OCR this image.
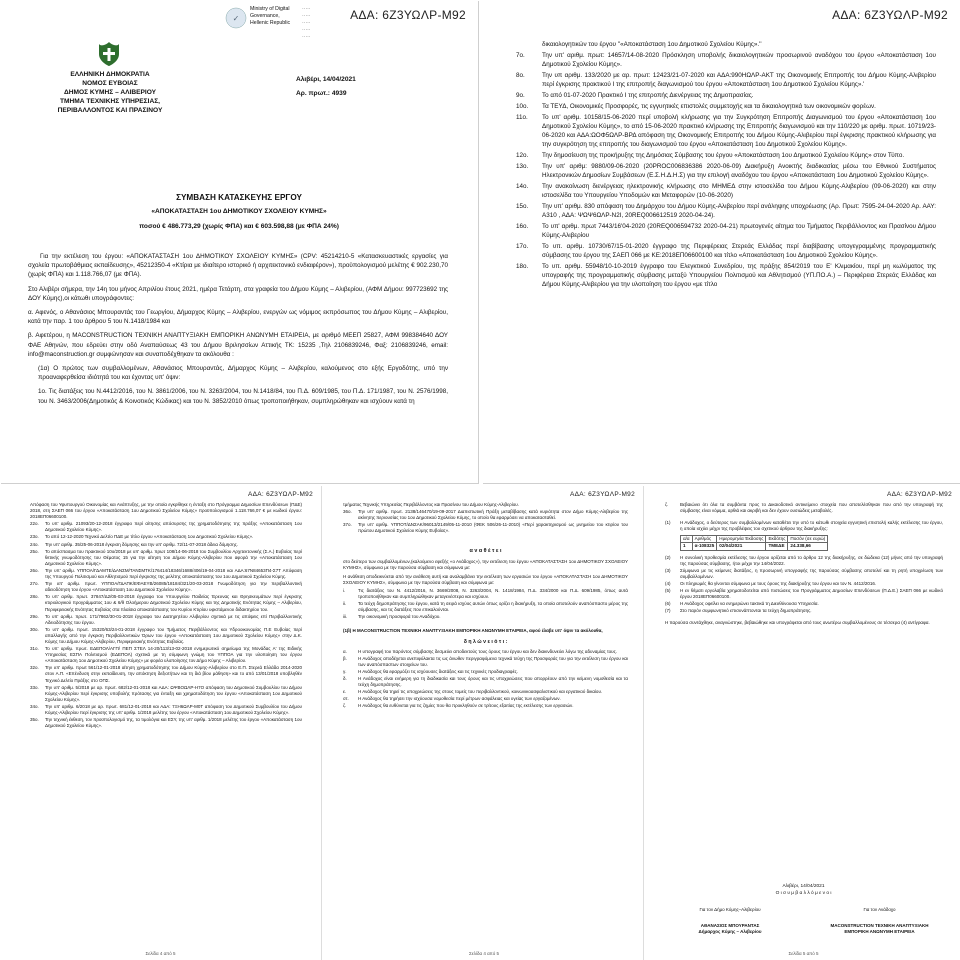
✓
Ministry of Digital
Governance,
Hellenic Republic
·····
·····
·····
·····
·····
ΑΔΑ: 6Ζ3ΥΩΛΡ-Μ92
ΕΛΛΗΝΙΚΗ ΔΗΜΟΚΡΑΤΙΑ
ΝΟΜΟΣ ΕΥΒΟΙΑΣ
ΔΗΜΟΣ ΚΥΜΗΣ – ΑΛΙΒΕΡΙΟΥ
ΤΜΗΜΑ ΤΕΧΝΙΚΗΣ ΥΠΗΡΕΣΙΑΣ,
ΠΕΡΙΒΑΛΛΟΝΤΟΣ ΚΑΙ ΠΡΑΣΙΝΟΥ
Αλιβέρι, 14/04/2021
Αρ. πρωτ.: 4939
ΣΥΜΒΑΣΗ ΚΑΤΑΣΚΕΥΗΣ ΕΡΓΟΥ
«ΑΠΟΚΑΤΑΣΤΑΣΗ 1ου ΔΗΜΟΤΙΚΟΥ ΣΧΟΛΕΙΟΥ ΚΥΜΗΣ»
ποσού € 486.773,29 (χωρίς ΦΠΑ) και € 603.598,88 (με ΦΠΑ 24%)

Για την εκτέλεση του έργου: «ΑΠΟΚΑΤΑΣΤΑΣΗ 1ου ΔΗΜΟΤΙΚΟΥ ΣΧΟΛΕΙΟΥ ΚΥΜΗΣ» (CPV: 45214210-5 «Κατασκευαστικές εργασίες για σχολεία πρωτοβάθμιας εκπαίδευσης», 45212350-4 «Κτίρια με ιδιαίτερο ιστορικό ή αρχιτεκτονικό ενδιαφέρον»), προϋπολογισμού μελέτης € 902.230,70 (χωρίς ΦΠΑ) και 1.118.766,07 (με ΦΠΑ).

Στο Αλιβέρι σήμερα, την 14η του μήνος Απριλίου έτους 2021, ημέρα Τετάρτη, στα γραφεία του Δήμου Κύμης – Αλιβερίου, (ΑΦΜ Δήμου: 997723692 της ΔΟΥ Κύμης),οι κάτωθι υπογράφοντες:

α. Αφενός, ο Αθανάσιος Μπουραντάς του Γεωργίου, Δήμαρχος Κύμης – Αλιβερίου, ενεργών ως νόμιμος εκπρόσωπος του Δήμου Κύμης – Αλιβερίου, κατά την παρ. 1 του άρθρου 5 του Ν.1418/1984 και

β. Αφετέρου, η MACONSTRUCTION ΤΕΧΝΙΚΗ ΑΝΑΠΤΥΞΙΑΚΗ ΕΜΠΟΡΙΚΗ ΑΝΩΝΥΜΗ ΕΤΑΙΡΕΙΑ, με αριθμό ΜΕΕΠ 25827, ΑΦΜ 998384640 ΔΟΥ ΦΑΕ Αθηνών, που εδρεύει στην οδό Αναπαύσεως 43 του Δήμου Βριλησσίων Αττικής ΤΚ: 15235 ,Τηλ 2106839246, Φαξ: 2106839246, email: info@maconstruction.gr συμφώνησαν και συναποδέχθηκαν τα ακόλουθα :

(1α) Ο πρώτος των συμβαλλομένων, Αθανάσιος Μπουραντάς, Δήμαρχος Κύμης – Αλιβερίου, καλούμενος στο εξής Εργοδότης, υπό την προαναφερθείσα ιδιότητά του και έχοντας υπ' όψιν:

1ο. Τις διατάξεις του Ν.4412/2016, του Ν. 3861/2006, του Ν. 3263/2004, του Ν.1418/84, του Π.Δ. 609/1985, του Π.Δ. 171/1987, του Ν. 2576/1998, του Ν. 3463/2006(Δημοτικός & Κοινοτικός Κώδικας) και του Ν. 3852/2010 όπως τροποποιήθηκαν, συμπληρώθηκαν και ισχύουν κατά τη

ΑΔΑ: 6Ζ3ΥΩΛΡ-Μ92
δικαιολογητικών του έργου ''«Αποκατάσταση 1ου Δημοτικού Σχολείου Κύμης».''
7ο.	Την υπ' αριθμ. πρωτ: 14657/14-08-2020 Πρόσκληση υποβολής δικαιολογητικών προσωρινού αναδόχου του έργου «Αποκατάσταση 1ου Δημοτικού Σχολείου Κύμης».
8ο.	Την υπ αριθμ. 133/2020 με αρ. πρωτ: 12423/21-07-2020 και ΑΔΑ:990ΗΩΛΡ-ΑΚΤ της Οικονομικής Επιτροπής του Δήμου Κύμης-Αλιβερίου περί έγκρισης πρακτικού Ι της επιτροπής διαγωνισμού του έργου «Αποκατάσταση 1ου Δημοτικού Σχολείου Κύμης».'
9ο.	Το από 01-07-2020 Πρακτικό Ι της επιτροπής Διενέργειας της Δημοπρασίας.
10ο.	Τα ΤΕΥΔ, Οικονομικές Προσφορές, τις εγγυητικές επιστολές συμμετοχής και τα δικαιολογητικά των οικονομικών φορέων.
11ο.	Το υπ' αριθμ. 10158/15-06-2020 περί υποβολή κλήρωσης για την Συγκρότηση Επιτροπής Διαγωνισμού του έργου «Αποκατάσταση 1ου Δημοτικού Σχολείου Κύμης», το από 15-06-2020 πρακτικό κλήρωσης της Επιτροπής διαγωνισμού και την 110/220 με αριθμ. πρωτ. 10719/23-06-2020 και ΑΔΑ:ΩΟΦ5ΩΛΡ-ΒΡΔ απόφαση της Οικονομικής Επιτροπής του Δήμου Κύμης-Αλιβερίου περί έγκρισης πρακτικού κλήρωσης για την συγκρότηση της επιτροπής του διαγωνισμού του έργου «Αποκατάσταση 1ου Δημοτικού Σχολείου Κύμης».
12ο.	Την δημοσίευση της προκήρυξης της Δημόσιας Σύμβασης του έργου «Αποκατάσταση 1ου Δημοτικού Σχολείου Κύμης» στον Τύπο.
13ο.	Την υπ' αριθμ: 9880/09-06-2020 (20PROC006836386 2020-06-09) Διακήρυξη Ανοικτής διαδικασίας μέσω του Εθνικού Συστήματος Ηλεκτρονικών Δημοσίων Συμβάσεων (Ε.Σ.Η.Δ.Η.Σ) για την επιλογή αναδόχου του έργου «Αποκατάσταση 1ου Δημοτικού Σχολείου Κύμης».
14ο.	Την ανακοίνωση διενέργειας ηλεκτρονικής κλήρωσης στο ΜΗΜΕΔ στην ιστοσελίδα του Δήμου Κύμης-Αλιβερίου (09-06-2020) και στην ιστοσελίδα του Υπουργείου Υποδομών και Μεταφορών (10-06-2020)
15ο.	Την υπ' αριθμ. 830 απόφαση του Δημάρχου του Δήμου Κύμης-Αλιβερίου περί ανάληψης υποχρέωσης (Αρ. Πρωτ: 7595-24-04-2020 Αρ. ΑΑΥ: Α310 , ΑΔΑ: ΨΩΨ6ΩΛΡ-Ν2Ι, 20REQ006612519 2020-04-24).
16ο.	Το υπ' αριθμ. πρωτ 7443/16'04-2020 (20REQ006594732 2020-04-21) πρωτογενές αίτημα του Τμήματος Περιβάλλοντος και Πρασίνου Δήμου Κύμης-Αλιβερίου
17ο.	Το υπ. αριθμ. 10730/67/15-01-2020 έγγραφο της Περιφέρειας Στερεάς Ελλάδας περί διαβίβασης υπογεγραμμένης προγραμματικής σύμβασης του έργου της ΣΑΕΠ 066 με ΚΕ:2018ΕΠ06600100 και τίτλο «Αποκατάσταση 1ου Δημοτικού Σχολείου Κύμης».
18ο.	Το υπ. αριθμ. 55948/10-10-2019 έγγραφο του Ελεγκτικού Συνεδρίου, της πράξης 854/2019 του Ε' Κλιμακίου, περί μη κωλύματος της υπογραφής της προγραμματικής σύμβασης μεταξύ Υπουργείου Πολιτισμού και Αθλητισμού (ΥΠ.ΠΟ.Α.) – Περιφέρεια Στερεάς Ελλάδας και Δήμου Κύμης-Αλιβερίου για την υλοποίηση του έργου «με τίτλο
ΑΔΑ: 6Ζ3ΥΩΛΡ-Μ92

Απόφαση του Υφυπουργού Οικονομίας και Ανάπτυξης, με την οποία εγκρίθηκε η ένταξη στο Πρόγραμμα Δημοσίων Επενδύσεων (ΠΔΕ) 2018, στη ΣΑΕΠ 066 του έργου «Αποκατάσταση 1ου Δημοτικού Σχολείου Κύμης» προϋπολογισμού 1.118.766,07 € με κωδικό έργου: 2018ΕΠ06600100.

22ο.	Το υπ' αριθμ. 21093/20-12-2018 έγγραφο περί αίτησης απόσυρσης της χρηματοδότησης της πράξης «Αποκατάσταση 1ου Δημοτικού Σχολείου Κύμης».
23ο.	Το από 12-12-2020 Τεχνικό Δελτίο ΠΔΕ με τίτλο έργου «Αποκατάσταση 1ου Δημοτικού Σχολείου Κύμης».
24ο.	Την υπ' αριθμ. 35/25-06-2018 έγκριση δόμησης και την υπ' αριθμ. 72/11-07-2018 άδεια δόμησης.
25ο.	Το απόσπασμα του πρακτικού 10ο/2018 με υπ' αριθμ. πρωτ 108/14-06-2018 του Συμβουλίου Αρχιτεκτονικής (Σ.Α.) Ευβοίας περί θετικής γνωμοδότησης του Θέματος 15 για την αίτηση του Δήμου Κύμης-Αλιβερίου που αφορά την «Αποκατάσταση 1ου Δημοτικού Σχολείου Κύμης».
26ο.	Την υπ' αριθμ. ΥΠΠΟΑ/ΓΔΑΜΤΕ/ΔΑΝΣΜ/ΤΑΝΣΜΤΚ/176414/18346/1688/406/19-04-2018 και ΑΔΑ:67Ν84653Π4-Σ7Τ Απόφαση της Υπουργού Πολιτισμού και Αθλητισμού περί έγκρισης της μελέτης αποκατάστασης του 1ου Δημοτικού Σχολείου Κύμης.
27ο.	Την υπ' αριθμ. πρωτ. ΥΠΠΟΑ/ΓΔΑΠΚ/ΕΦΑΕΥΒ/26085/18184/321/20-03-2018 Γνωμοδότηση για την περιβαλλοντική αδειοδότηση του έργου «Αποκατάσταση 1ου Δημοτικού Σχολείου Κύμης».
28ο.	Το υπ' αριθμ. πρωτ. 37847/Δ2/05-03-2018 έγγραφο του Υπουργείου Παιδείας Έρευνας και Θρησκευμάτων περί έγκρισης κτιριολογικού προγράμματος 1ου & 6/θ Ολοήμερου Δημοτικού Σχολείου Κύμης και της Δημοτικής Ενότητας Κύμης – Αλιβερίου, Περιφερειακής Ενότητας Ευβοίας στα πλαίσια αποκατάστασης του Κυρίου Κτιρίου υφιστάμενου διδακτηρίου του.
29ο.	Το υπ' αριθμ. πρωτ. 171/7862/30-01-2018 έγγραφο του Διατηρητέου Αλιβερίου σχετικά με τις απόψεις επί Περιβαλλοντικής Αδειοδότησης του έργου.
30ο.	Το υπ' αριθμ. πρωτ. 15320/63/24-01-2018 έγγραφο του Τμήματος Περιβάλλοντος και Υδροοικονομίας Π.Ε Ευβοίας περί απαλλαγής από την έγκριση Περιβαλλοντικών Όρων του έργου «Αποκατάσταση 1ου Δημοτικού Σχολείου Κύμης» στην Δ.Κ. Κύμης του Δήμου Κύμης-Αλιβερίου, Περιφερειακής Ενότητας Ευβοίας.
31ο.	Το υπ' αριθμ. πρωτ. ΕΔΕΠΟΛ/ΑΓΠ/ ΠΕΠ ΣΤΕΛ 14-20/113/13-02-2018 ενημερωτικό σημείωμα της Μονάδας Α' της Ειδικής Υπηρεσίας ΕΣΠΑ Πολιτισμού (ΕΔΕΠΟΛ) σχετικά με τη σύμφωνη γνώμη του ΥΠΠΟΑ για την υλοποίηση του έργου «Αποκατάσταση 1ου Δημοτικού Σχολείου Κύμης» με φορέα υλοποίησης τον Δήμο Κύμης – Αλιβερίου.
32ο.	Την υπ' αριθμ. πρωτ 561/12-01-2018 αίτηση χρηματοδότησης του Δήμου Κύμης-Αλιβερίου στο Ε.Π. Στερεά Ελλάδα 2014-2020 στον Α.Π. «Επένδυση στην εκπαίδευση, την απόκτηση δεξιοτήτων και τη διά βίου μάθηση» και το από 13/01/2018 υποβληθέν Τεχνικό Δελτίο Πράξης στο ΟΠΣ.
33ο.	Την υπ' αριθμ. 5/2018 με αρ. πρωτ. 682/12-01-2018 και ΑΔΑ: ΩΨΒΟΩΛΡ-Η7Ο απόφαση του Δημοτικού Συμβουλίου του Δήμου Κύμης-Αλιβερίου περί έγκρισης υποβολής πρότασης για ένταξη και χρηματοδότηση του έργου «Αποκατάσταση 1ου Δημοτικού Σχολείου Κύμης».
34ο.	Την υπ' αριθμ. 6/2018 με αρ. πρωτ. 681/12-01-2018 και ΑΔΑ: 7ΞΗ6ΩΛΡ-Μ0Τ απόφαση του Δημοτικού Συμβουλίου του Δήμου Κύμης-Αλιβερίου περί έγκρισης της υπ' αριθμ. 1/2018 μελέτης του έργου «Αποκατάσταση 1ου Δημοτικού Σχολείου Κύμης».
35ο.	Την τεχνική έκθεση, τον προϋπολογισμό της, τα τιμολόγια και ΕΣΥ, της υπ' αριθμ. 1/2018 μελέτης του έργου «Αποκατάσταση 1ου Δημοτικού Σχολείου Κύμης».
Σελίδα 4 από 5
ΑΔΑ: 6Ζ3ΥΩΛΡ-Μ92

τμήματος Τεχνικής Υπηρεσίας Περιβάλλοντος και Πρασίνου του Δήμου Κύμης-Αλιβερίου.

36ο.	Την υπ' αριθμ. πρωτ. 2138/146470/19-09-2017 Διαπιστωτική Πράξη μεταβίβασης κατά κυριότητα στον Δήμο Κύμης-Αλιβερίου της ακίνητης περιουσίας του 1ου Δημοτικού Σχολείου Κύμης, το οποίο θα εφαρμόσει να αποκατασταθεί.
37ο.	Την υπ' αριθμ. ΥΠΠΟΤ/ΔΝΣΑΚ/96013/2149/05-11-2010 (ΦΕΚ 506/26-11-2010) «Περί χαρακτηρισμού ως μνημείου του κτιρίου του πρώτου Δημοτικού Σχολείου Κύμης Ευβοίας».
α ν α θ έ τ ε ι

στο δεύτερο των συμβαλλομένων,(καλούμενο εφεξής «ο Ανάδοχος»), την εκτέλεση του έργου «ΑΠΟΚΑΤΑΣΤΑΣΗ 1ου ΔΗΜΟΤΙΚΟΥ ΣΧΟΛΕΙΟΥ ΚΥΜΗΣ», σύμφωνα με την παρούσα σύμβαση και σύμφωνα με:

Η ανάθεση αποδεικνύεται από την ανάθεση αυτή και αναλαμβάνει την εκτέλεση των εργασιών του έργου «ΑΠΟΚΑΤΑΣΤΑΣΗ 1ου ΔΗΜΟΤΙΚΟΥ ΣΧΟΛΕΙΟΥ ΚΥΜΗΣ», σύμφωνα με την παρούσα σύμβαση και σύμφωνα με:

i.	Τις διατάξεις του Ν. 4412/2016, Ν. 3669/2008, Ν. 3263/2004, Ν. 1418/1984, Π.Δ. 334/2000 και Π.Δ. 609/1985, όπως αυτά τροποποιήθηκαν και συμπληρώθηκαν μεταγενέστερα και ισχύουν.
ii.	Τα τεύχη δημοπράτησης του έργου, κατά τη σειρά ισχύος αυτών όπως ορίζει η διακήρυξη, τα οποία αποτελούν αναπόσπαστο μέρος της σύμβασης, και τις διατάξεις που επικαλούνται.
iii.	Την οικονομική προσφορά του Αναδόχου.

(1β) Η MACONSTRUCTION ΤΕΧΝΙΚΗ ΑΝΑΠΤΥΞΙΑΚΗ ΕΜΠΟΡΙΚΗ ΑΝΩΝΥΜΗ ΕΤΑΙΡΕΙΑ, αφού έλαβε υπ' όψιν τα ακόλουθα,

δ η λ ώ ν ε ι ό τ ι :
α.	Η υπογραφή του παρόντος σύμβασης δεσμεύει αποδεκτούς τους όρους του έργου και δεν διακινδυνεύει λόγω της αδυναμίας τους.
β.	Η Ανάδοχος αποδέχεται ανεπιφύλακτα τις ως άνωθεν περιγραφόμενα τεχνικά τεύχη της Προσφοράς του για την εκτέλεση του έργου και των αναπόσπαστων στοιχείων του.
γ.	Η Ανάδοχος θα εφαρμόζει τις ισχύουσες διατάξεις και τις τεχνικές προδιαγραφές.
δ.	Η Ανάδοχος είναι ενήμερη για τη διαδικασία και τους όρους και τις υποχρεώσεις που απορρέουν από την κείμενη νομοθεσία και τα τεύχη δημοπράτησης.
ε.	Η Ανάδοχος θα τηρεί τις υποχρεώσεις της στους τομείς του περιβαλλοντικού, κοινωνικοασφαλιστικού και εργατικού δικαίου.
στ.	Η Ανάδοχος θα τηρήσει την ισχύουσα νομοθεσία περί μέτρων ασφάλειας και υγείας των εργαζομένων.
ζ.	Η Ανάδοχος θα ευθύνεται για τις ζημίες που θα προκληθούν σε τρίτους εξαιτίας της εκτέλεσης των εργασιών.
Σελίδα 4 από 5
ΑΔΑ: 6Ζ3ΥΩΛΡ-Μ92
ζ.	Βεβαιώνει ότι όλα τα συμβάντα προς το Δικαιοδοτικό αντικείμενο στοιχεία που αποτελέσθηκαν που από την υπογραφή της σύμβασης είναι νόμιμα, αρθιά και ακριβή και δεν έχουν ουσιώδεις μεταβολές.
(1)	Η Ανάδοχος, ο δεύτερος των συμβαλλομένων καταθέτει την υπό το κάτωθι στοιχεία εγγυητική επιστολή καλής εκτέλεσης του έργου, η οποία ισχύει μέχρι της προβλέψεις του σχετικού άρθρου της διακήρυξης:
α/α	Αριθμός	Ημερομηνία Έκδοσης	Εκδότης	Ποσόν (σε ευρώ)
1	α-108325	02/04/2021	ΤΜΕΔΕ	24.338,66
(2)	Η συνολική προθεσμία εκτέλεσης του έργου ορίζεται από το άρθρο 12 της διακήρυξης, σε δώδεκα (12) μήνες από την υπογραφή της παρούσας σύμβασης, ήτοι μέχρι την 14/04/2022.
(3)	Σύμφωνα με τις κείμενες διατάξεις, η προσωρινή υπογραφής της παρούσας σύμβασης αποτελεί και τη ρητή υποχρέωση των συμβαλλομένων.
(4)	Οι πληρωμές θα γίνονται σύμφωνα με τους όρους της διακήρυξης του έργου και τον Ν. 4412/2016.
(5)	Η εν θέματι εργολαβία χρηματοδοτείται από πιστώσεις του Προγράμματος Δημοσίων Επενδύσεων (Π.Δ.Ε.) ΣΑΕΠ 066 με κωδικό έργου 2018ΕΠ06600100.
(6)	Η Ανάδοχος οφείλει να ενημερώνει τακτικά τη Διευθύνουσα Υπηρεσία.
(7)	Στο παρόν συμφωνητικό επισυνάπτονται τα τεύχη δημοπράτησης.

Η παρούσα συντάχθηκε, αναγνώστηκε, βεβαιώθηκε και υπογράφεται από τους ανωτέρω συμβαλλομένους σε τέσσερα (4) αντίγραφα.

Αλιβέρι, 14/04/2021
Ο ι σ υ μ β α λ λ ό μ ε ν ο ι
Για τον Δήμο Κύμης–Αλιβερίου
ΑΘΑΝΑΣΙΟΣ ΜΠΟΥΡΑΝΤΑΣ
Δήμαρχος Κύμης – Αλιβερίου
Για τον Ανάδοχο
MACONSTRUCTION ΤΕΧΝΙΚΗ ΑΝΑΠΤΥΞΙΑΚΗ ΕΜΠΟΡΙΚΗ ΑΝΩΝΥΜΗ ΕΤΑΙΡΕΙΑ
Σελίδα 5 από 5
